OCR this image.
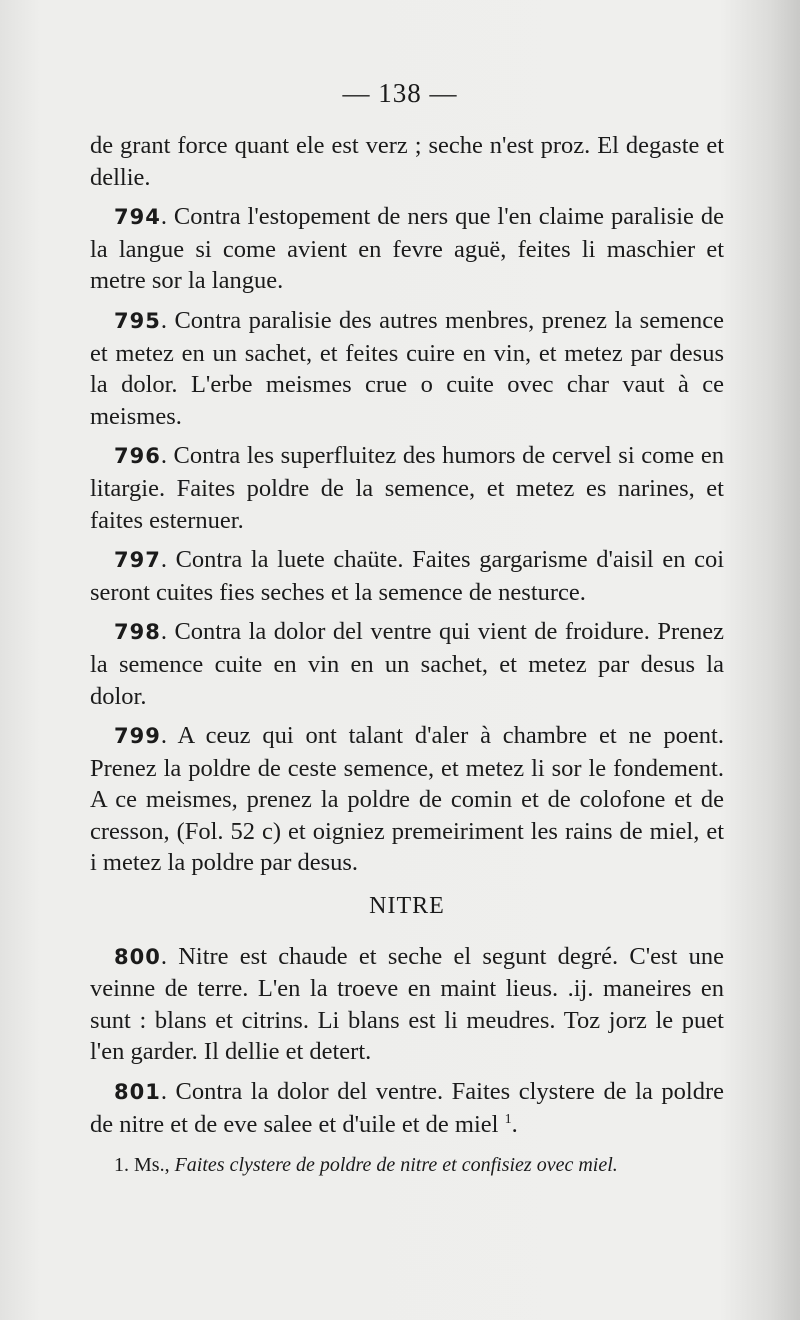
— 138 —

de grant force quant ele est verz ; seche n'est proz. El degaste et dellie.

794. Contra l'estopement de ners que l'en claime paralisie de la langue si come avient en fevre aguë, feites li maschier et metre sor la langue.

795. Contra paralisie des autres menbres, prenez la semence et metez en un sachet, et feites cuire en vin, et metez par desus la dolor. L'erbe meismes crue o cuite ovec char vaut à ce meismes.

796. Contra les superfluitez des humors de cervel si come en litargie. Faites poldre de la semence, et metez es narines, et faites esternuer.

797. Contra la luete chaüte. Faites gargarisme d'aisil en coi seront cuites fies seches et la semence de nesturce.

798. Contra la dolor del ventre qui vient de froidure. Prenez la semence cuite en vin en un sachet, et metez par desus la dolor.

799. A ceuz qui ont talant d'aler à chambre et ne poent. Prenez la poldre de ceste semence, et metez li sor le fondement. A ce meismes, prenez la poldre de comin et de colofone et de cresson, (Fol. 52 c) et oigniez premeiriment les rains de miel, et i metez la poldre par desus.

NITRE

800. Nitre est chaude et seche el segunt degré. C'est une veinne de terre. L'en la troeve en maint lieus. .ij. maneires en sunt : blans et citrins. Li blans est li meudres. Toz jorz le puet l'en garder. Il dellie et detert.

801. Contra la dolor del ventre. Faites clystere de la poldre de nitre et de eve salee et d'uile et de miel $^1$.

1. Ms., Faites clystere de poldre de nitre et confisiez ovec miel.
